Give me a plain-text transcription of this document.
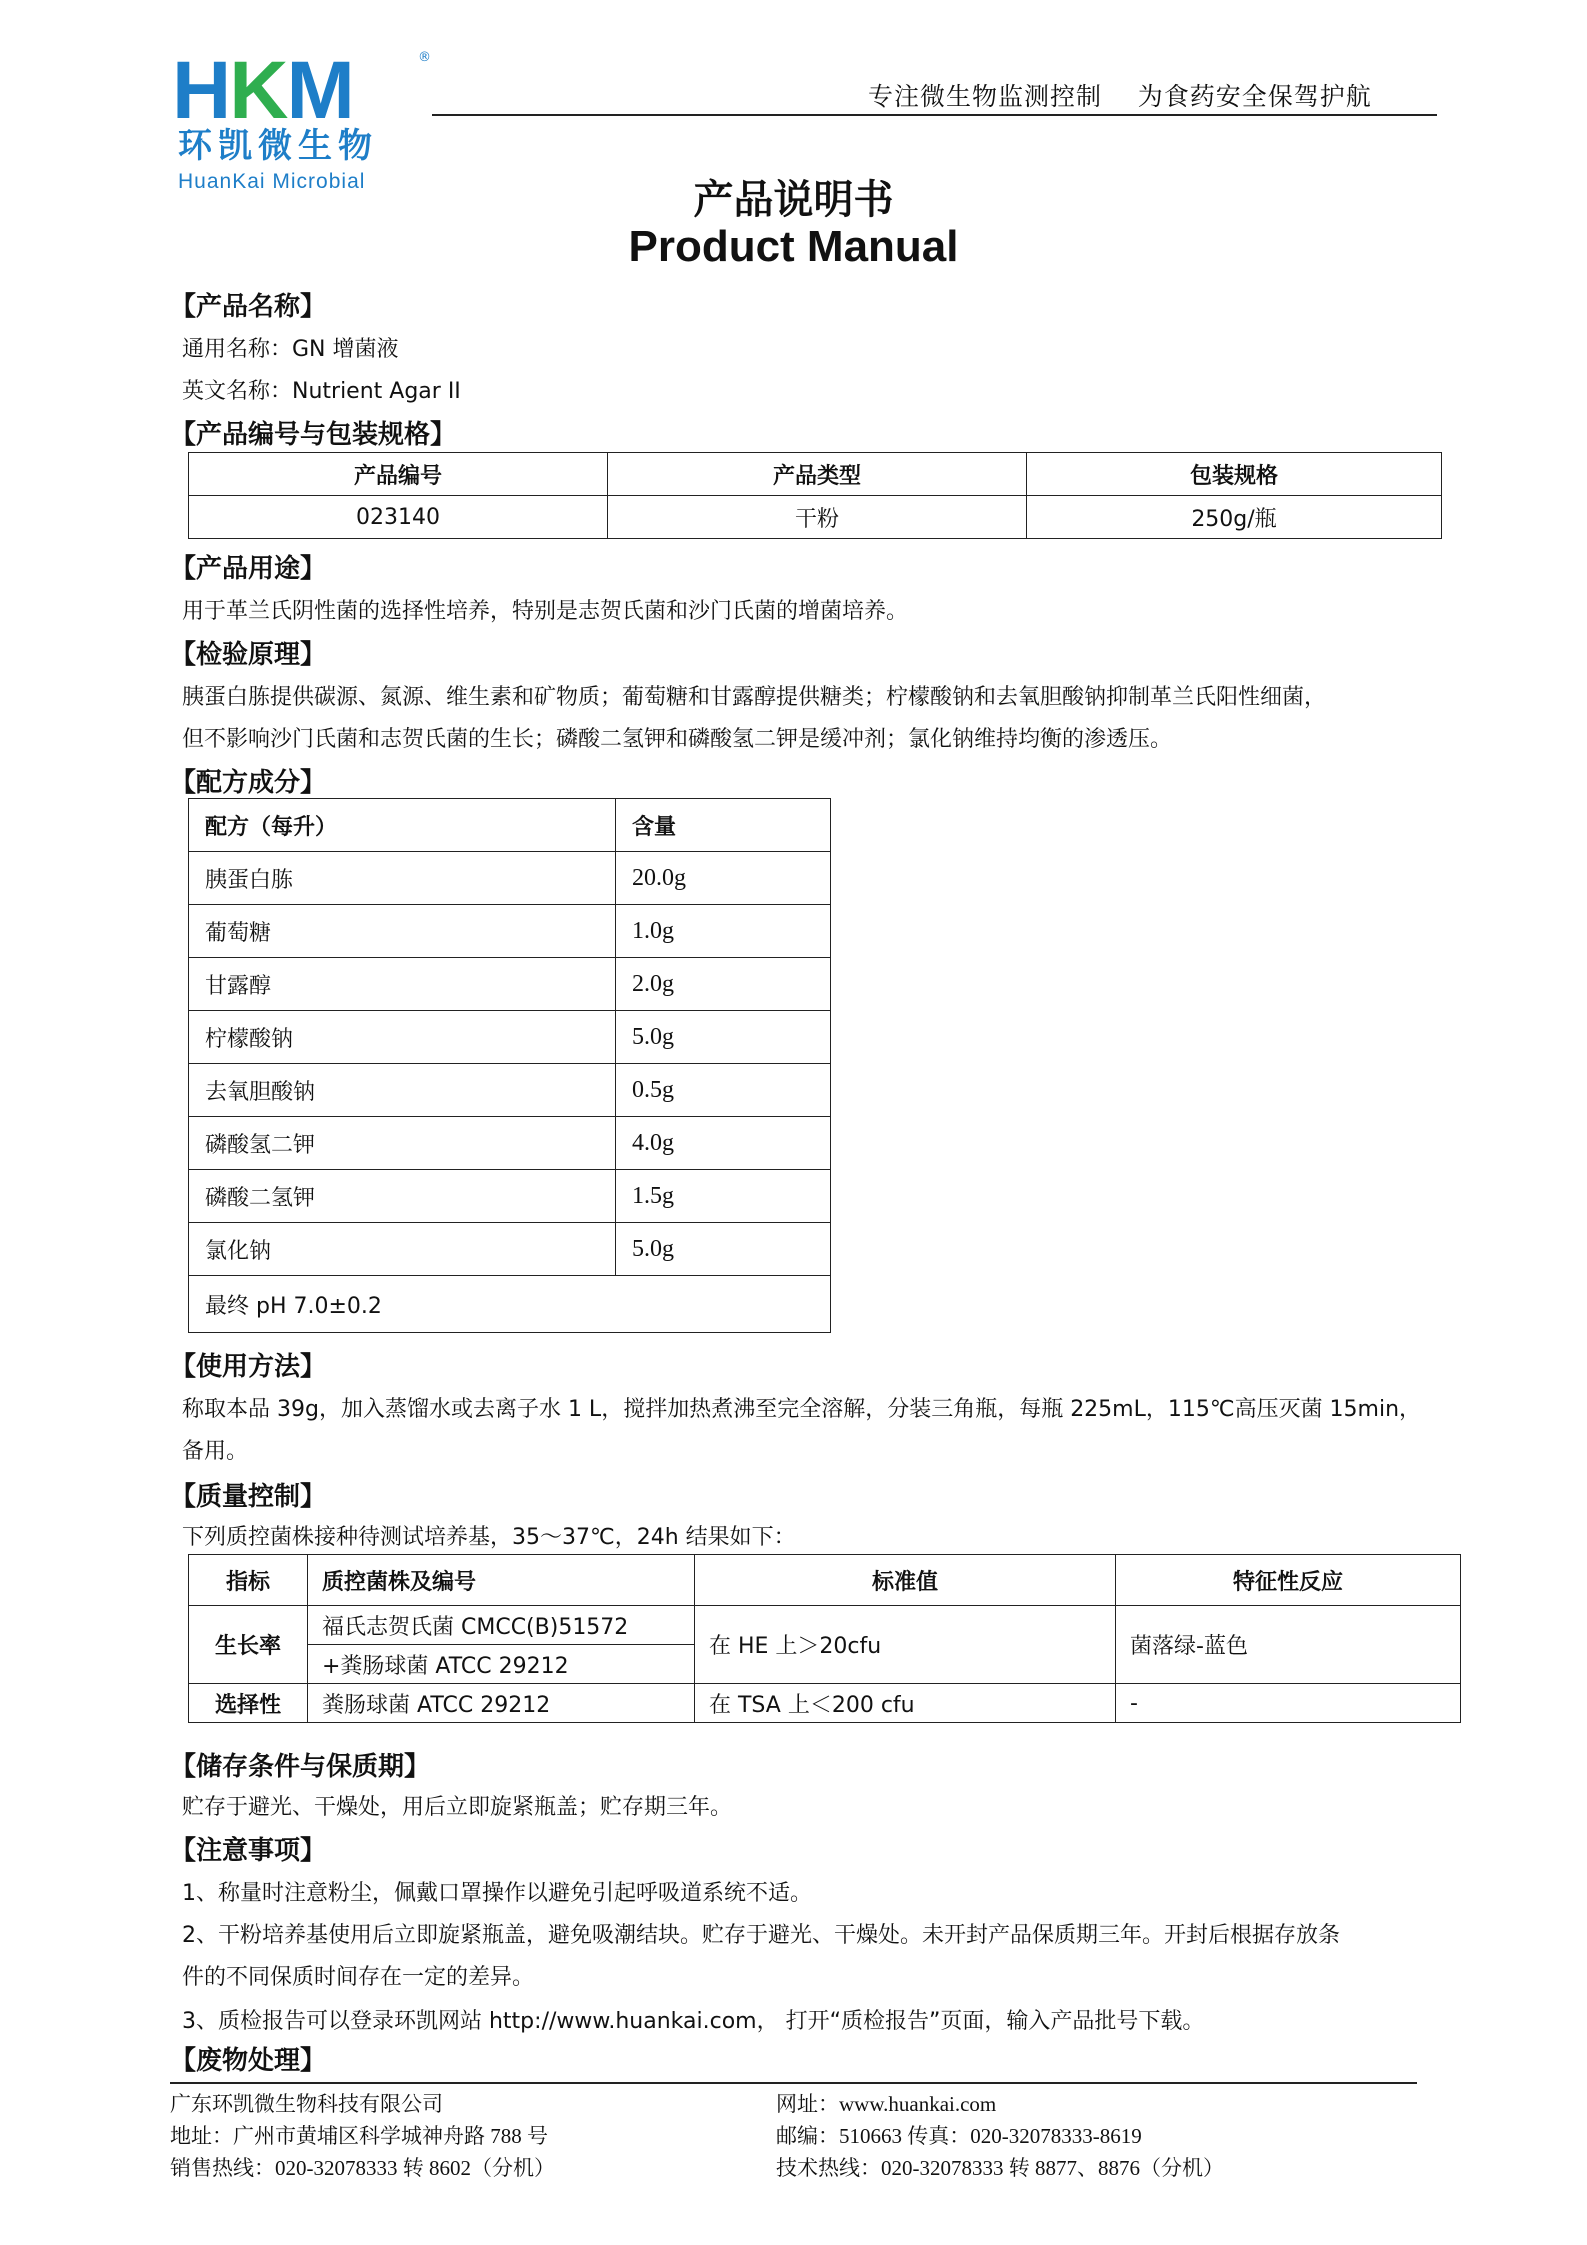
HKM	®
环凯微生物
HuanKai Microbial
专注微生物监测控制    为食药安全保驾护航
产品说明书
Product Manual
【产品名称】
通用名称：GN 增菌液
英文名称：Nutrient Agar II
【产品编号与包装规格】
产品编号	产品类型	包装规格
023140	干粉	250g/瓶
【产品用途】
用于革兰氏阴性菌的选择性培养，特别是志贺氏菌和沙门氏菌的增菌培养。
【检验原理】
胰蛋白胨提供碳源、氮源、维生素和矿物质；葡萄糖和甘露醇提供糖类；柠檬酸钠和去氧胆酸钠抑制革兰氏阳性细菌，
但不影响沙门氏菌和志贺氏菌的生长；磷酸二氢钾和磷酸氢二钾是缓冲剂；氯化钠维持均衡的渗透压。
【配方成分】
配方（每升）	含量
胰蛋白胨	20.0g
葡萄糖	1.0g
甘露醇	2.0g
柠檬酸钠	5.0g
去氧胆酸钠	0.5g
磷酸氢二钾	4.0g
磷酸二氢钾	1.5g
氯化钠	5.0g
最终 pH 7.0±0.2	
【使用方法】
称取本品 39g，加入蒸馏水或去离子水 1 L，搅拌加热煮沸至完全溶解，分装三角瓶，每瓶 225mL，115℃高压灭菌 15min，
备用。
【质量控制】
下列质控菌株接种待测试培养基，35～37℃，24h 结果如下：
指标	质控菌株及编号	标准值	特征性反应
生长率	福氏志贺氏菌 CMCC(B)51572	在 HE 上＞20cfu	菌落绿-蓝色
	+粪肠球菌 ATCC 29212		
选择性	粪肠球菌 ATCC 29212	在 TSA 上＜200 cfu	-
【储存条件与保质期】
贮存于避光、干燥处，用后立即旋紧瓶盖；贮存期三年。
【注意事项】
1、称量时注意粉尘，佩戴口罩操作以避免引起呼吸道系统不适。
2、干粉培养基使用后立即旋紧瓶盖，避免吸潮结块。贮存于避光、干燥处。未开封产品保质期三年。开封后根据存放条
件的不同保质时间存在一定的差异。
3、质检报告可以登录环凯网站 http://www.huankai.com， 打开“质检报告”页面，输入产品批号下载。
【废物处理】
广东环凯微生物科技有限公司
地址：广州市黄埔区科学城神舟路 788 号
销售热线：020-32078333 转 8602（分机）
网址：www.huankai.com
邮编：510663 传真：020-32078333-8619
技术热线：020-32078333 转 8877、8876（分机）
